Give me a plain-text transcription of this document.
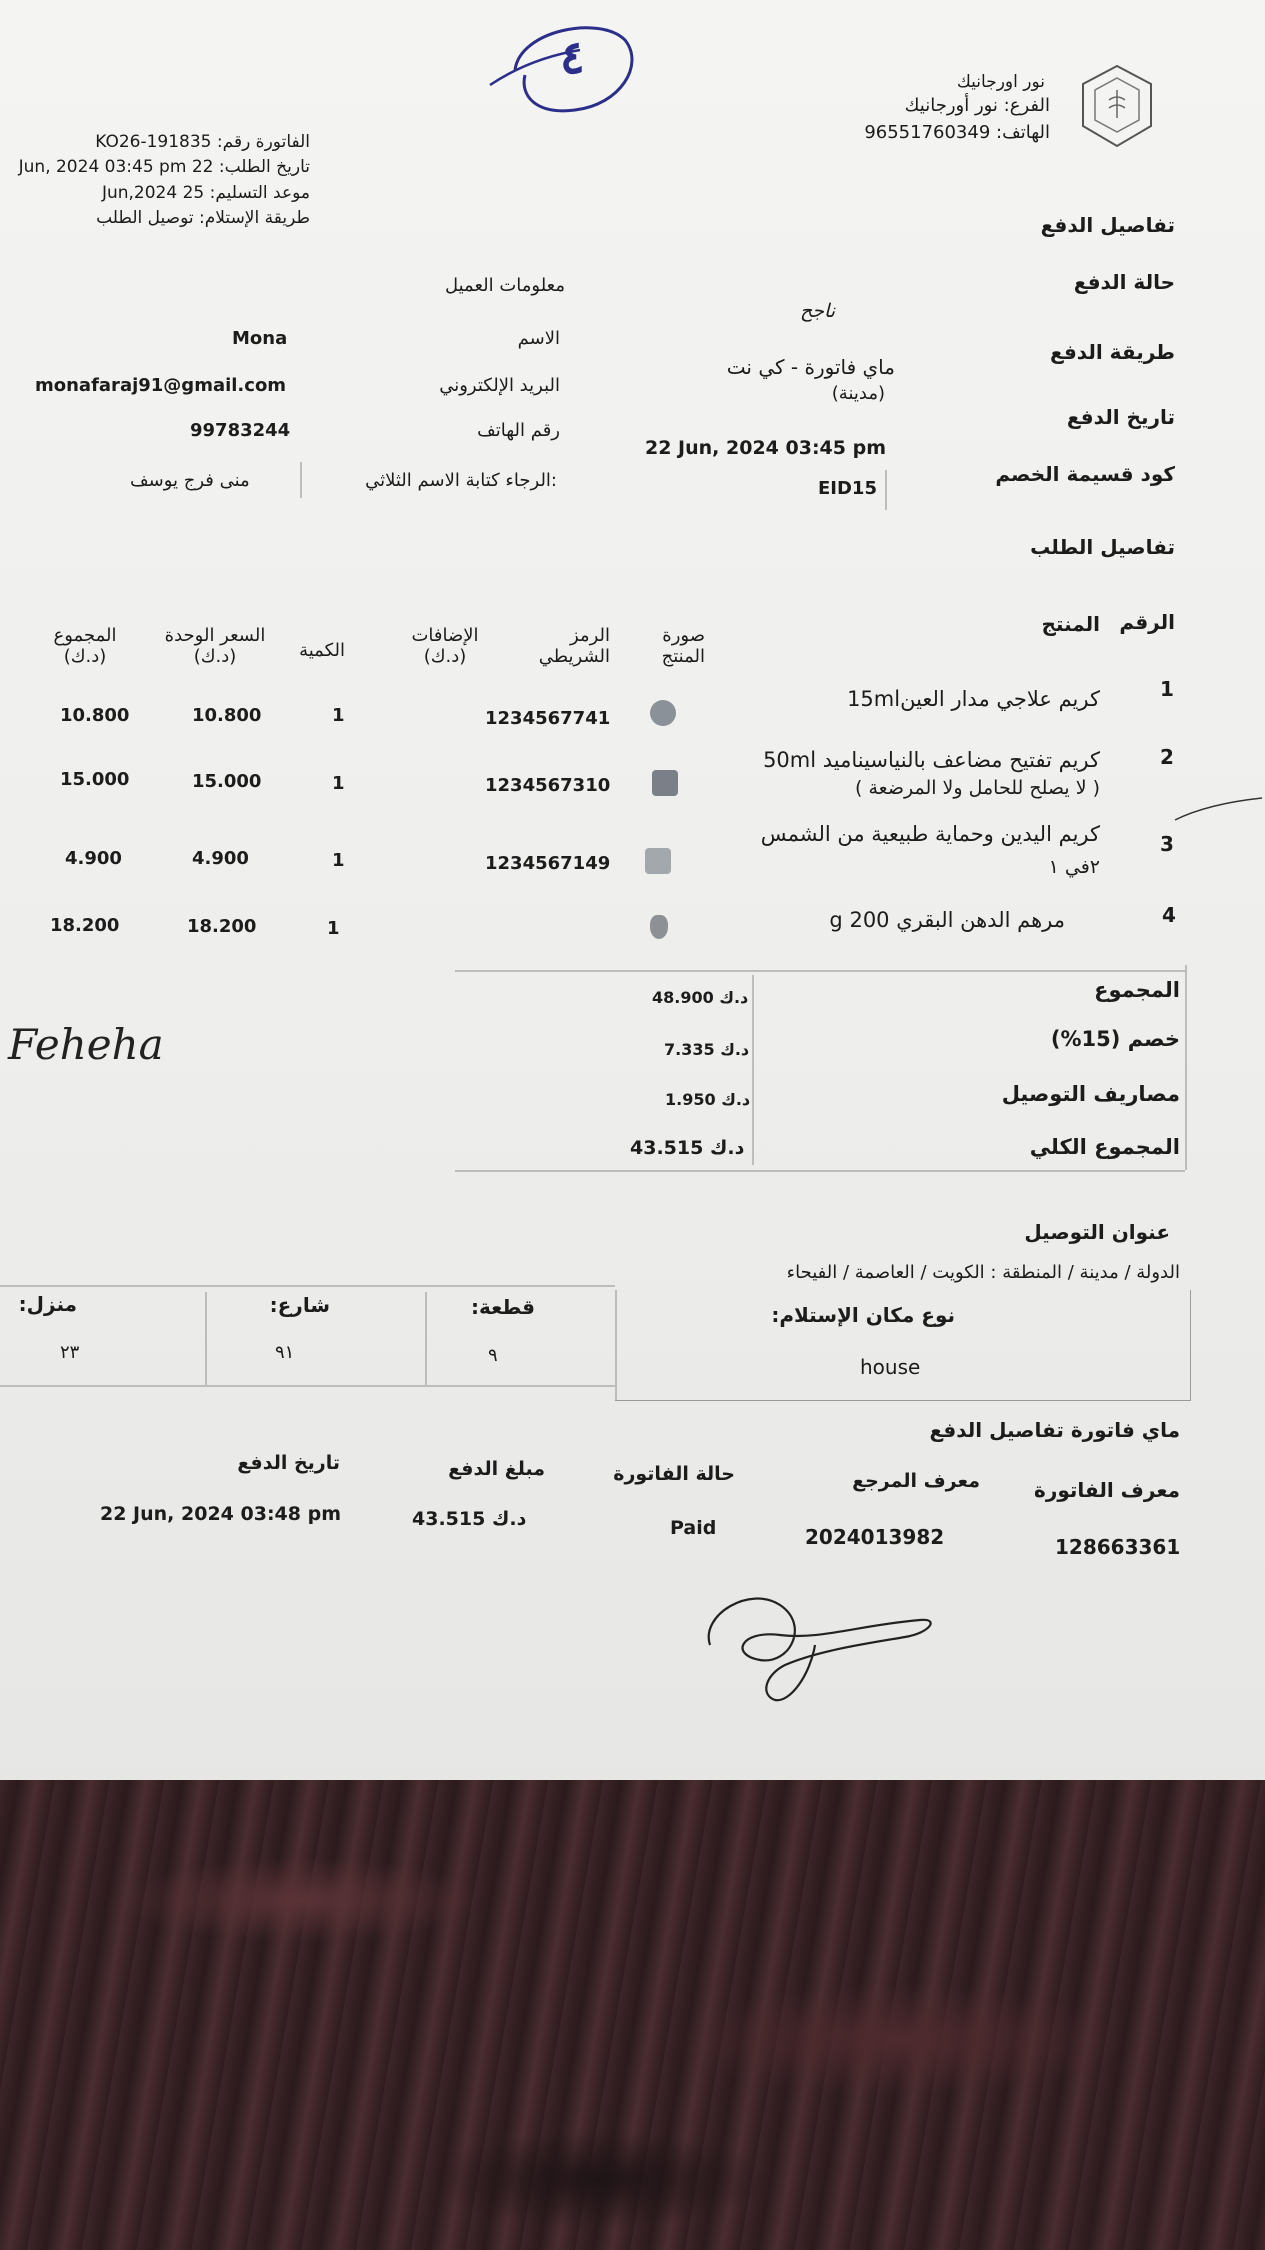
٤	نور اورجانيك
الفرع: نور أورجانيك
الهاتف: 96551760349
الفاتورة رقم: KO26-191835
تاريخ الطلب: 22 Jun, 2024 03:45 pm
موعد التسليم: 25 Jun,2024
طريقة الإستلام: توصيل الطلب	تفاصيل الدفع
حالة الدفع
ناجح
طريقة الدفع
ماي فاتورة - كي نت
(مدينة)
تاريخ الدفع
22 Jun, 2024 03:45 pm
كود قسيمة الخصم
EID15
معلومات العميل
الاسم
Mona
البريد الإلكتروني
monafaraj91@gmail.com
رقم الهاتف
99783244
:الرجاء كتابة الاسم الثلاثي
منى فرج يوسف
تفاصيل الطلب
الرقم
المنتج
صورة المنتج
الرمز الشريطي
الإضافات (د.ك)
الكمية
السعر الوحدة (د.ك)
المجموع (د.ك)
1
كريم علاجي مدار العين15ml
1234567741
1
10.800
10.800
2
كريم تفتيح مضاعف بالنياسيناميد 50ml
( لا يصلح للحامل ولا المرضعة )
1234567310
1
15.000
15.000
3
كريم اليدين وحماية طبيعية من الشمس
٢في ١
1234567149
1
4.900
4.900
4
مرهم الدهن البقري 200 g
1
18.200
18.200
المجموع
48.900 د.ك
خصم (15%)
7.335 د.ك
مصاريف التوصيل
1.950 د.ك
المجموع الكلي
43.515 د.ك
Feheha
عنوان التوصيل
الدولة / مدينة / المنطقة : الكويت / العاصمة / الفيحاء
نوع مكان الإستلام:
house
قطعة:
٩
شارع:
٩١
منزل:
٢٣
ماي فاتورة تفاصيل الدفع
معرف الفاتورة
128663361
معرف المرجع
2024013982
حالة الفاتورة
Paid
مبلغ الدفع
43.515 د.ك
تاريخ الدفع
22 Jun, 2024 03:48 pm
